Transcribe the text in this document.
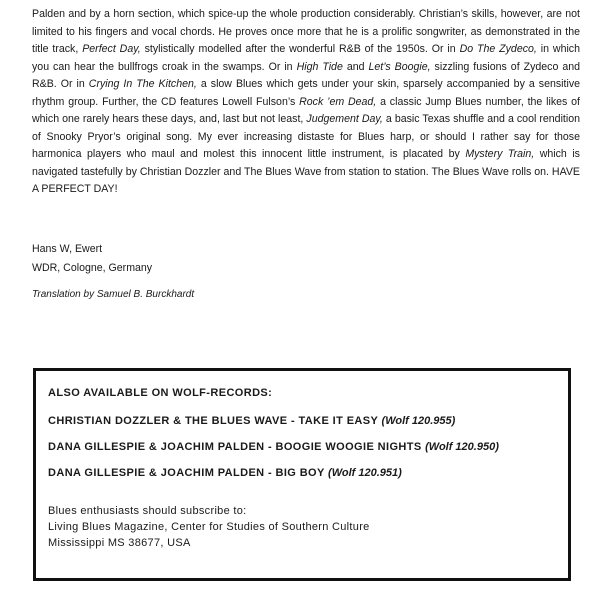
Palden and by a horn section, which spice-up the whole production considerably. Christian’s skills, however, are not limited to his fingers and vocal chords. He proves once more that he is a prolific songwriter, as demonstrated in the title track, Perfect Day, stylistically modelled after the wonderful R&B of the 1950s. Or in Do The Zydeco, in which you can hear the bullfrogs croak in the swamps. Or in High Tide and Let’s Boogie, sizzling fusions of Zydeco and R&B. Or in Crying In The Kitchen, a slow Blues which gets under your skin, sparsely accompanied by a sensitive rhythm group. Further, the CD features Lowell Fulson’s Rock ’em Dead, a classic Jump Blues number, the likes of which one rarely hears these days, and, last but not least, Judgement Day, a basic Texas shuffle and a cool rendition of Snooky Pryor’s original song. My ever increasing distaste for Blues harp, or should I rather say for those harmonica players who maul and molest this innocent little instrument, is placated by Mystery Train, which is navigated tastefully by Christian Dozzler and The Blues Wave from station to station. The Blues Wave rolls on. HAVE A PERFECT DAY!

Hans W, Ewert
WDR, Cologne, Germany
Translation by Samuel B. Burckhardt
ALSO AVAILABLE ON WOLF-RECORDS:
CHRISTIAN DOZZLER & THE BLUES WAVE - TAKE IT EASY (Wolf 120.955)
DANA GILLESPIE & JOACHIM PALDEN - BOOGIE WOOGIE NIGHTS (Wolf 120.950)
DANA GILLESPIE & JOACHIM PALDEN - BIG BOY (Wolf 120.951)
Blues enthusiasts should subscribe to:
Living Blues Magazine, Center for Studies of Southern Culture
Mississippi MS 38677, USA
